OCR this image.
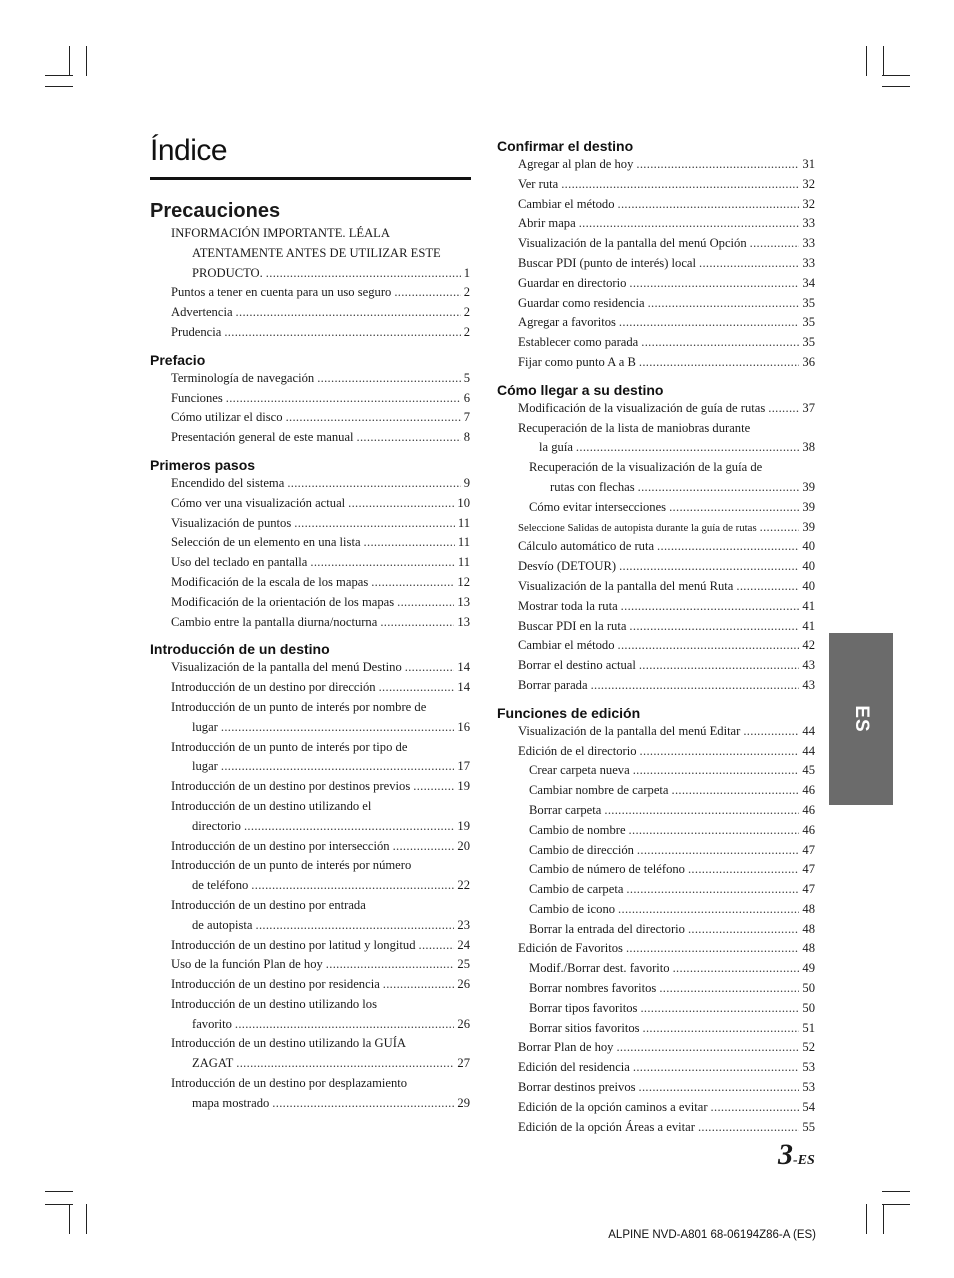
Índice
Precauciones
INFORMACIÓN IMPORTANTE. LÉALA
ATENTAMENTE ANTES DE UTILIZAR ESTE
PRODUCTO. .....	1
Puntos a tener en cuenta para un uso seguro .....	2
Advertencia .....	2
Prudencia .....	2
Prefacio
Terminología de navegación .....	5
Funciones .....	6
Cómo utilizar el disco .....	7
Presentación general de este manual .....	8
Primeros pasos
Encendido del sistema .....	9
Cómo ver una visualización actual .....	10
Visualización de puntos .....	11
Selección de un elemento en una lista .....	11
Uso del teclado en pantalla .....	11
Modificación de la escala de los mapas .....	12
Modificación de la orientación de los mapas .....	13
Cambio entre la pantalla diurna/nocturna .....	13
Introducción de un destino
Visualización de la pantalla del menú Destino .....	14
Introducción de un destino por dirección .....	14
Introducción de un punto de interés por nombre de
lugar .....	16
Introducción de un punto de interés por tipo de
lugar .....	17
Introducción de un destino por destinos previos .....	19
Introducción de un destino utilizando el
directorio .....	19
Introducción de un destino por intersección .....	20
Introducción de un punto de interés por número
de teléfono .....	22
Introducción de un destino por entrada
de autopista .....	23
Introducción de un destino por latitud y longitud .....	24
Uso de la función Plan de hoy .....	25
Introducción de un destino por residencia .....	26
Introducción de un destino utilizando los
favorito .....	26
Introducción de un destino utilizando la GUÍA
ZAGAT .....	27
Introducción de un destino por desplazamiento
mapa mostrado .....	29
Confirmar el destino
Agregar al plan de hoy .....	31
Ver ruta .....	32
Cambiar el método .....	32
Abrir mapa .....	33
Visualización de la pantalla del menú Opción .....	33
Buscar PDI (punto de interés) local .....	33
Guardar en directorio .....	34
Guardar como residencia .....	35
Agregar a favoritos .....	35
Establecer como parada .....	35
Fijar como punto A a B .....	36
Cómo llegar a su destino
Modificación de la visualización de guía de rutas .....	37
Recuperación de la lista de maniobras durante
la guía .....	38
Recuperación de la visualización de la guía de
rutas con flechas .....	39
Cómo evitar intersecciones .....	39
Seleccione Salidas de autopista durante la guía de rutas .....	39
Cálculo automático de ruta .....	40
Desvío (DETOUR) .....	40
Visualización de la pantalla del menú Ruta .....	40
Mostrar toda la ruta .....	41
Buscar PDI en la ruta .....	41
Cambiar el método .....	42
Borrar el destino actual .....	43
Borrar parada .....	43
Funciones de edición
Visualización de la pantalla del menú Editar .....	44
Edición de el directorio .....	44
Crear carpeta nueva .....	45
Cambiar nombre de carpeta .....	46
Borrar carpeta .....	46
Cambio de nombre .....	46
Cambio de dirección .....	47
Cambio de número de teléfono .....	47
Cambio de carpeta .....	47
Cambio de icono .....	48
Borrar la entrada del directorio .....	48
Edición de Favoritos .....	48
Modif./Borrar dest. favorito .....	49
Borrar nombres favoritos .....	50
Borrar tipos favoritos .....	50
Borrar sitios favoritos .....	51
Borrar Plan de hoy .....	52
Edición del residencia .....	53
Borrar destinos preivos .....	53
Edición de la opción caminos a evitar .....	54
Edición de la opción Áreas a evitar .....	55
ES
3-ES
ALPINE NVD-A801 68-06194Z86-A (ES)
